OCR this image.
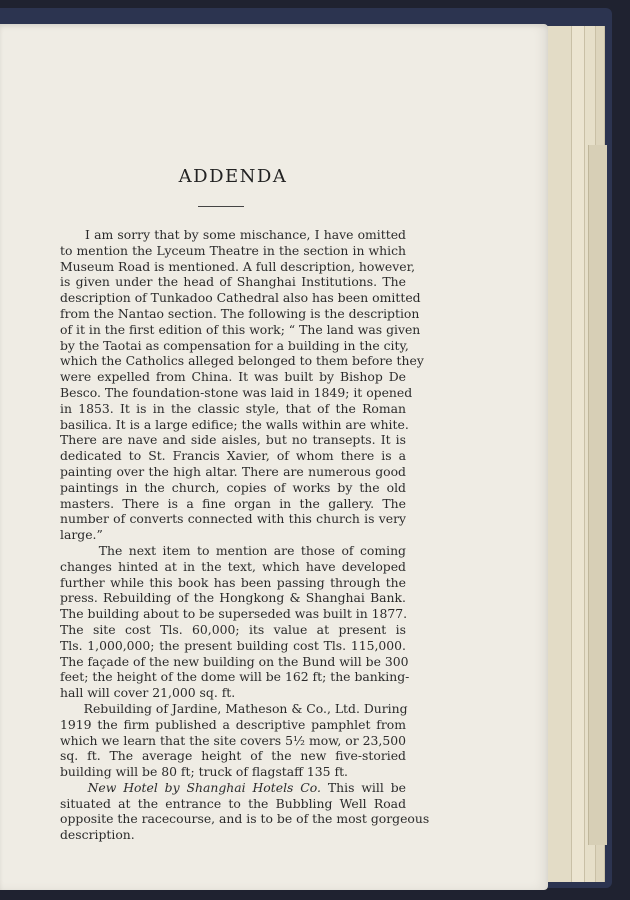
ADDENDA
I am sorry that by some mischance, I have omitted
to mention the Lyceum Theatre in the section in which
Museum Road is mentioned. A full description, however,
is given under the head of Shanghai Institutions. The
description of Tunkadoo Cathedral also has been omitted
from the Nantao section. The following is the description
of it in the first edition of this work; “ The land was given
by the Taotai as compensation for a building in the city,
which the Catholics alleged belonged to them before they
were expelled from China. It was built by Bishop De
Besco. The foundation-stone was laid in 1849; it opened
in 1853. It is in the classic style, that of the Roman
basilica. It is a large edifice; the walls within are white.
There are nave and side aisles, but no transepts. It is
dedicated to St. Francis Xavier, of whom there is a
painting over the high altar. There are numerous good
paintings in the church, copies of works by the old
masters. There is a fine organ in the gallery. The
number of converts connected with this church is very
large.”
The next item to mention are those of coming
changes hinted at in the text, which have developed
further while this book has been passing through the
press. Rebuilding of the Hongkong & Shanghai Bank.
The building about to be superseded was built in 1877.
The site cost Tls. 60,000; its value at present is
Tls. 1,000,000; the present building cost Tls. 115,000.
The façade of the new building on the Bund will be 300
feet; the height of the dome will be 162 ft; the banking-
hall will cover 21,000 sq. ft.
Rebuilding of Jardine, Matheson & Co., Ltd. During
1919 the firm published a descriptive pamphlet from
which we learn that the site covers 5½ mow, or 23,500
sq. ft. The average height of the new five-storied
building will be 80 ft; truck of flagstaff 135 ft.
New Hotel by Shanghai Hotels Co. This will be
situated at the entrance to the Bubbling Well Road
opposite the racecourse, and is to be of the most gorgeous
description.
